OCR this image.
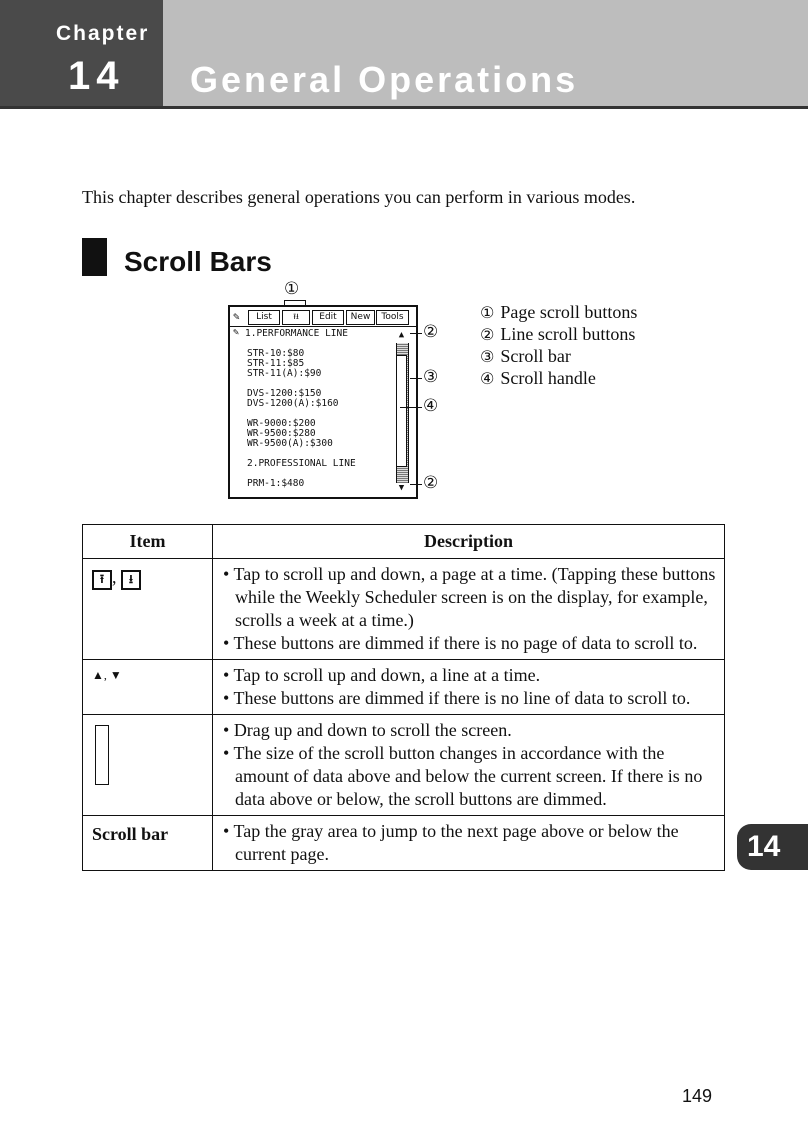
Chapter
14 General Operations
This chapter describes general operations you can perform in various modes.
Scroll Bars
①
✎	List	⭱⭳	Edit	New	Tools
✎ 1.PERFORMANCE LINE
STR-10:$80
STR-11:$85
STR-11(A):$90
DVS-1200:$150
DVS-1200(A):$160
WR-9000:$200
WR-9500:$280
WR-9500(A):$300
2.PROFESSIONAL LINE
PRM-1:$480
▲
▼
②
③
④
②
① Page scroll buttons
② Line scroll buttons
③ Scroll bar
④ Scroll handle
Item	Description
⭱ , ⭳	• Tap to scroll up and down, a page at a time. (Tapping these buttons while the Weekly Scheduler screen is on the display, for example, scrolls a week at a time.)
• These buttons are dimmed if there is no page of data to scroll to.

▲, ▼	• Tap to scroll up and down, a line at a time.
• These buttons are dimmed if there is no line of data to scroll to.

	• Drag up and down to scroll the screen.
• The size of the scroll button changes in accordance with the amount of data above and below the current screen. If there is no data above or below, the scroll buttons are dimmed.

Scroll bar	• Tap the gray area to jump to the next page above or below the current page.	14
149
